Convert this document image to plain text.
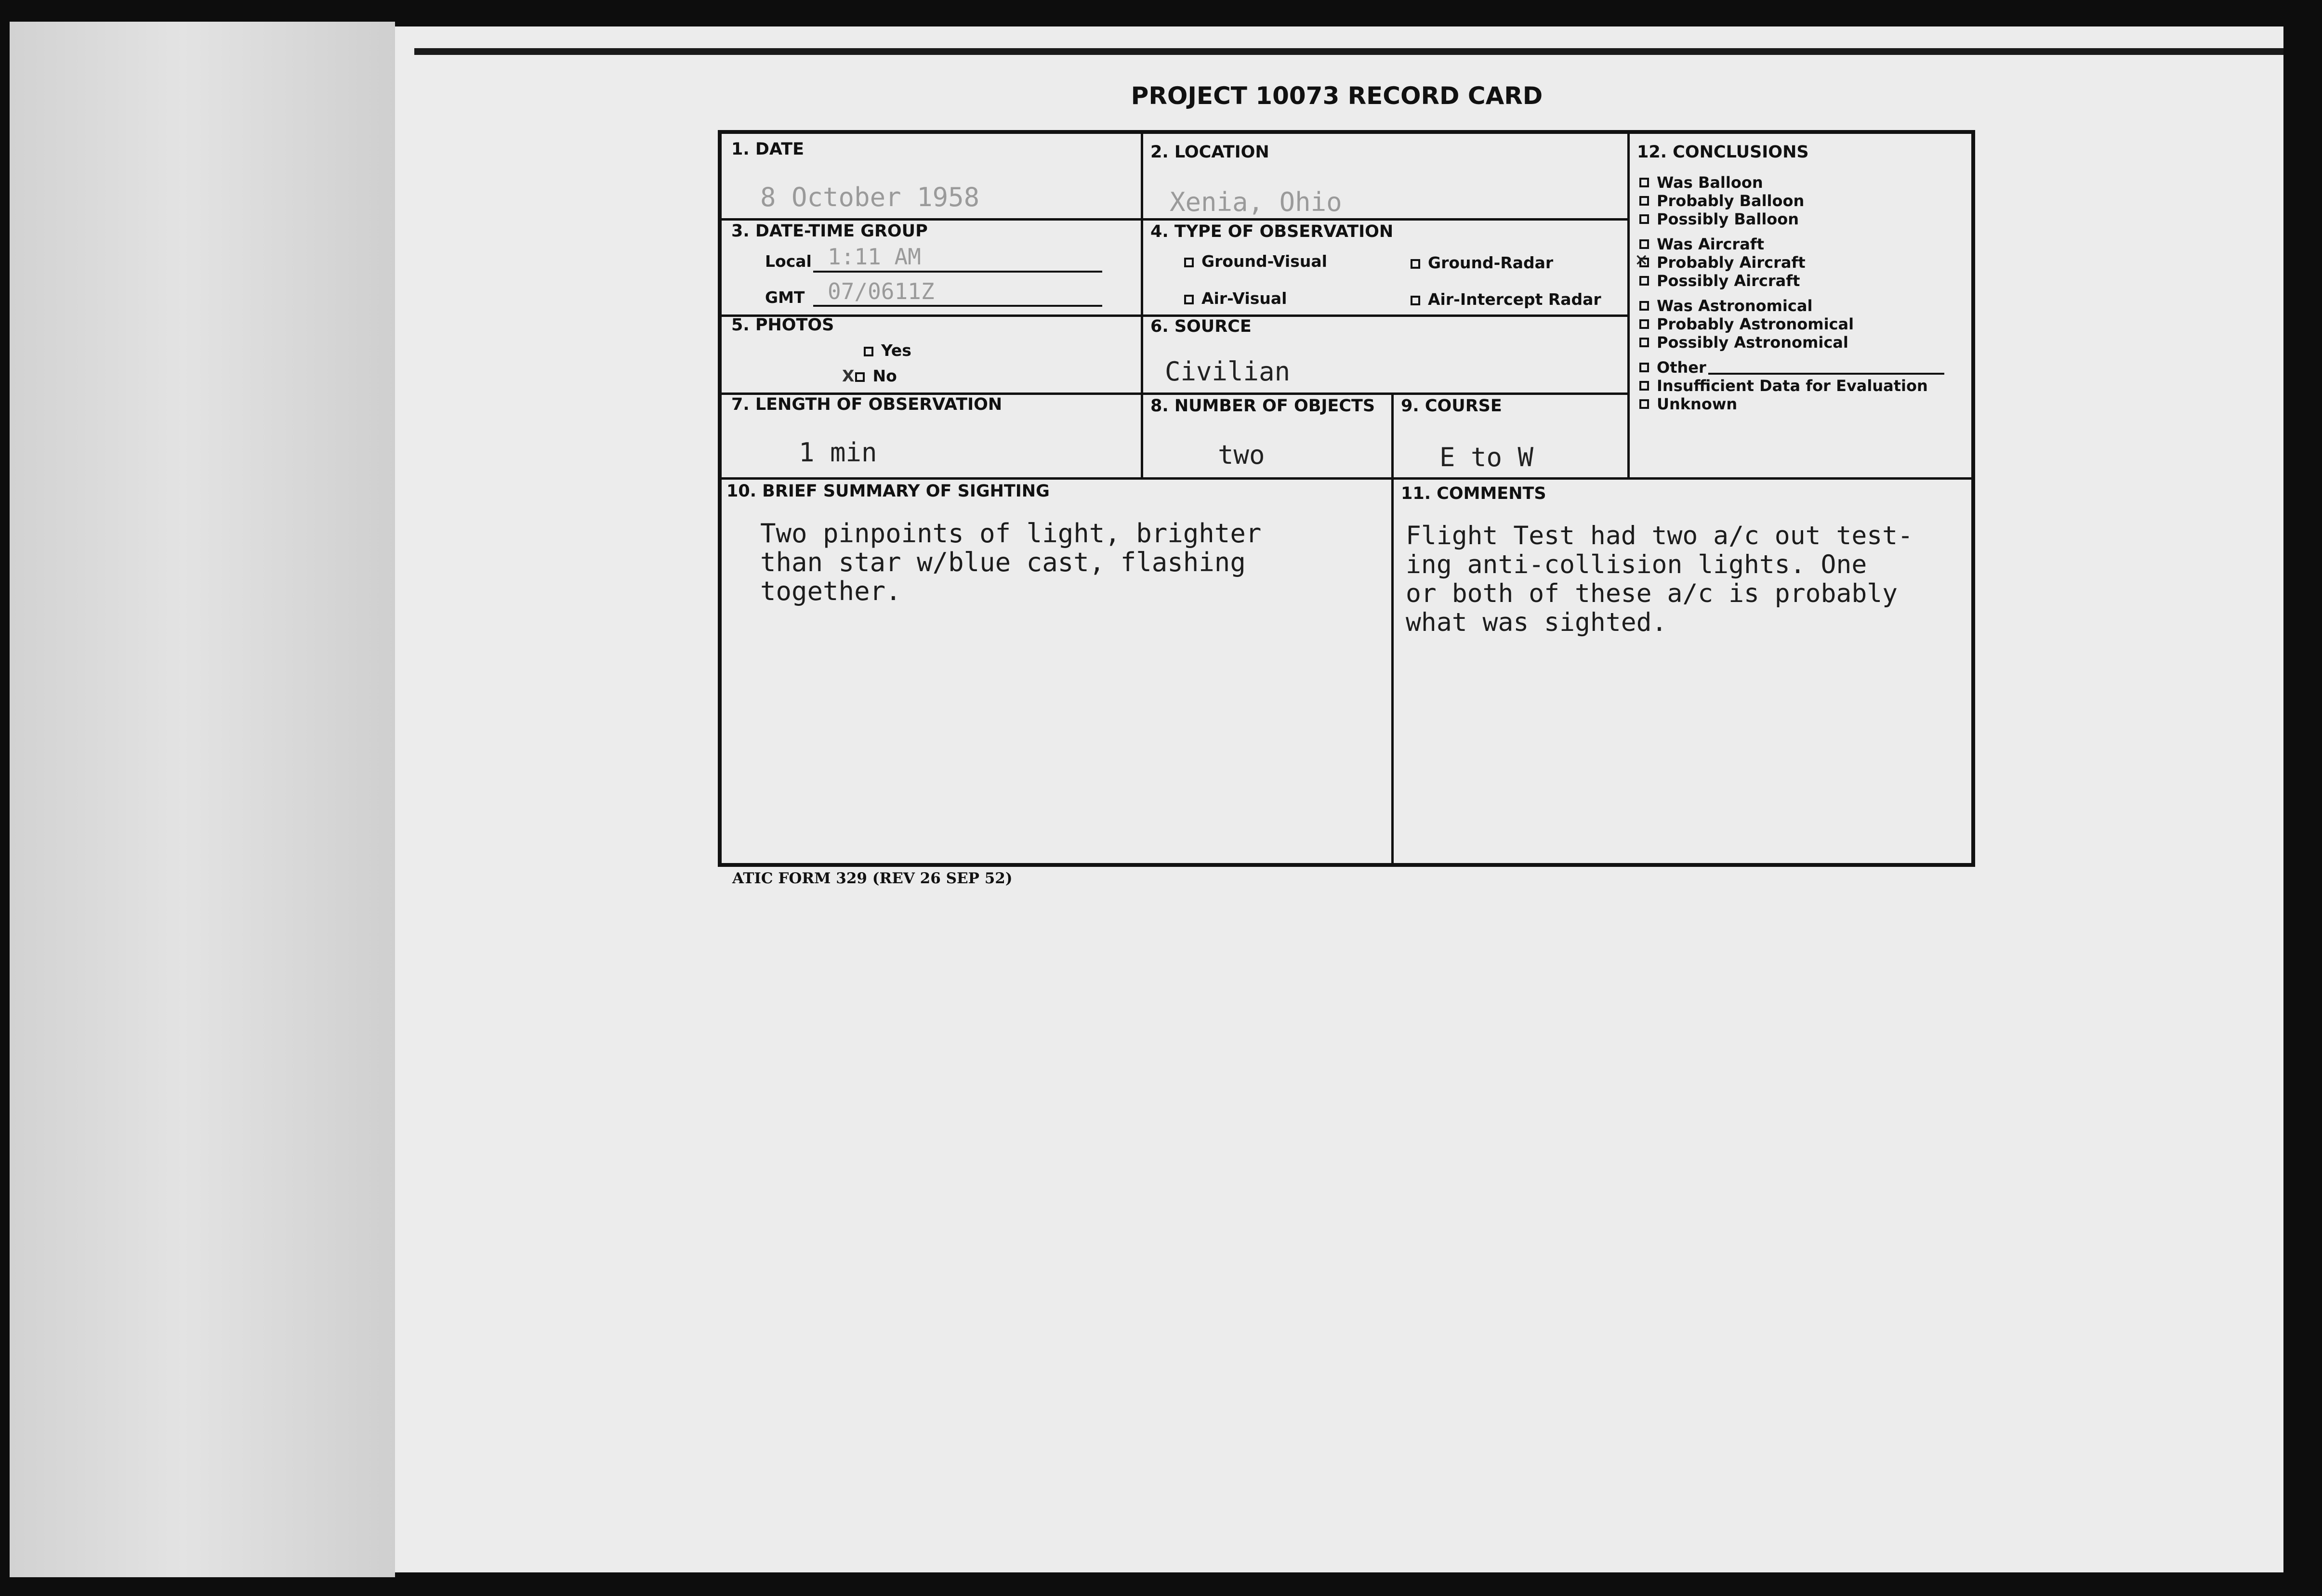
PROJECT 10073 RECORD CARD
1. DATE
8 October 1958
2. LOCATION
Xenia, Ohio
3. DATE-TIME GROUP
Local 1:11 AM
GMT 07/0611Z
4. TYPE OF OBSERVATION
Ground-Visual	Ground-Radar
Air-Visual	Air-Intercept Radar
5. PHOTOS
Yes
X No
6. SOURCE
Civilian
7. LENGTH OF OBSERVATION
1 min
8. NUMBER OF OBJECTS
two
9. COURSE
E to W
10. BRIEF SUMMARY OF SIGHTING
Two pinpoints of light, brighter
than star w/blue cast, flashing
together.
11. COMMENTS
Flight Test had two a/c out test-
ing anti-collision lights. One
or both of these a/c is probably
what was sighted.
12. CONCLUSIONS
Was Balloon
Probably Balloon
Possibly Balloon
Was Aircraft
✕
Probably Aircraft
Possibly Aircraft
Was Astronomical
Probably Astronomical
Possibly Astronomical
Other
Insufficient Data for Evaluation
Unknown
ATIC FORM 329 (REV 26 SEP 52)
